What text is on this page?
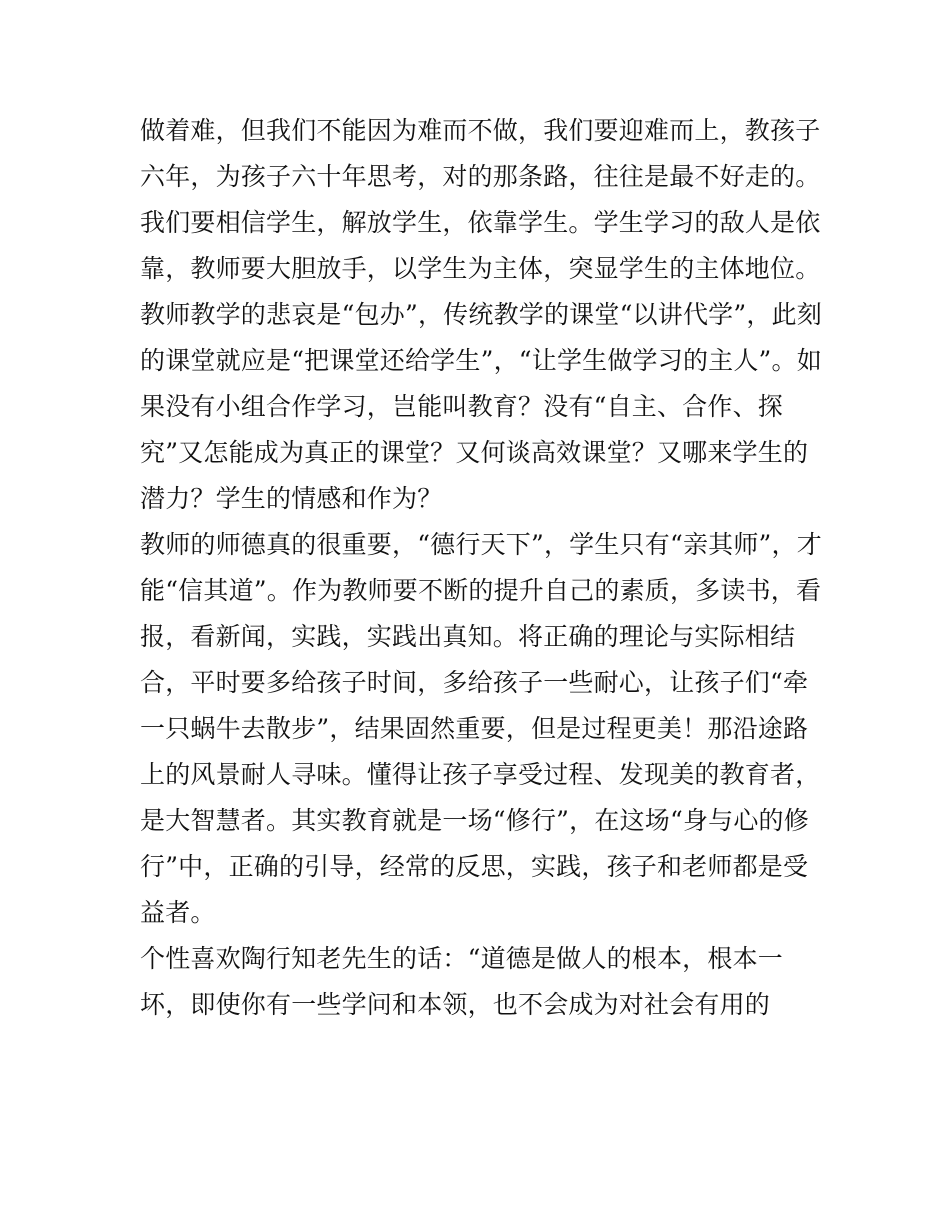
做着难，但我们不能因为难而不做，我们要迎难而上，教孩子
六年，为孩子六十年思考，对的那条路，往往是最不好走的。
我们要相信学生，解放学生，依靠学生。学生学习的敌人是依
靠，教师要大胆放手，以学生为主体，突显学生的主体地位。
教师教学的悲哀是“包办”，传统教学的课堂“以讲代学”，此刻
的课堂就应是“把课堂还给学生”，“让学生做学习的主人”。如
果没有小组合作学习，岂能叫教育？没有“自主、合作、探
究”又怎能成为真正的课堂？又何谈高效课堂？又哪来学生的
潜力？学生的情感和作为？
教师的师德真的很重要，“德行天下”，学生只有“亲其师”，才
能“信其道”。作为教师要不断的提升自己的素质，多读书，看
报，看新闻，实践，实践出真知。将正确的理论与实际相结
合，平时要多给孩子时间，多给孩子一些耐心，让孩子们“牵
一只蜗牛去散步”，结果固然重要，但是过程更美！那沿途路
上的风景耐人寻味。懂得让孩子享受过程、发现美的教育者，
是大智慧者。其实教育就是一场“修行”，在这场“身与心的修
行”中，正确的引导，经常的反思，实践，孩子和老师都是受
益者。
个性喜欢陶行知老先生的话：“道德是做人的根本，根本一
坏，即使你有一些学问和本领，也不会成为对社会有用的
